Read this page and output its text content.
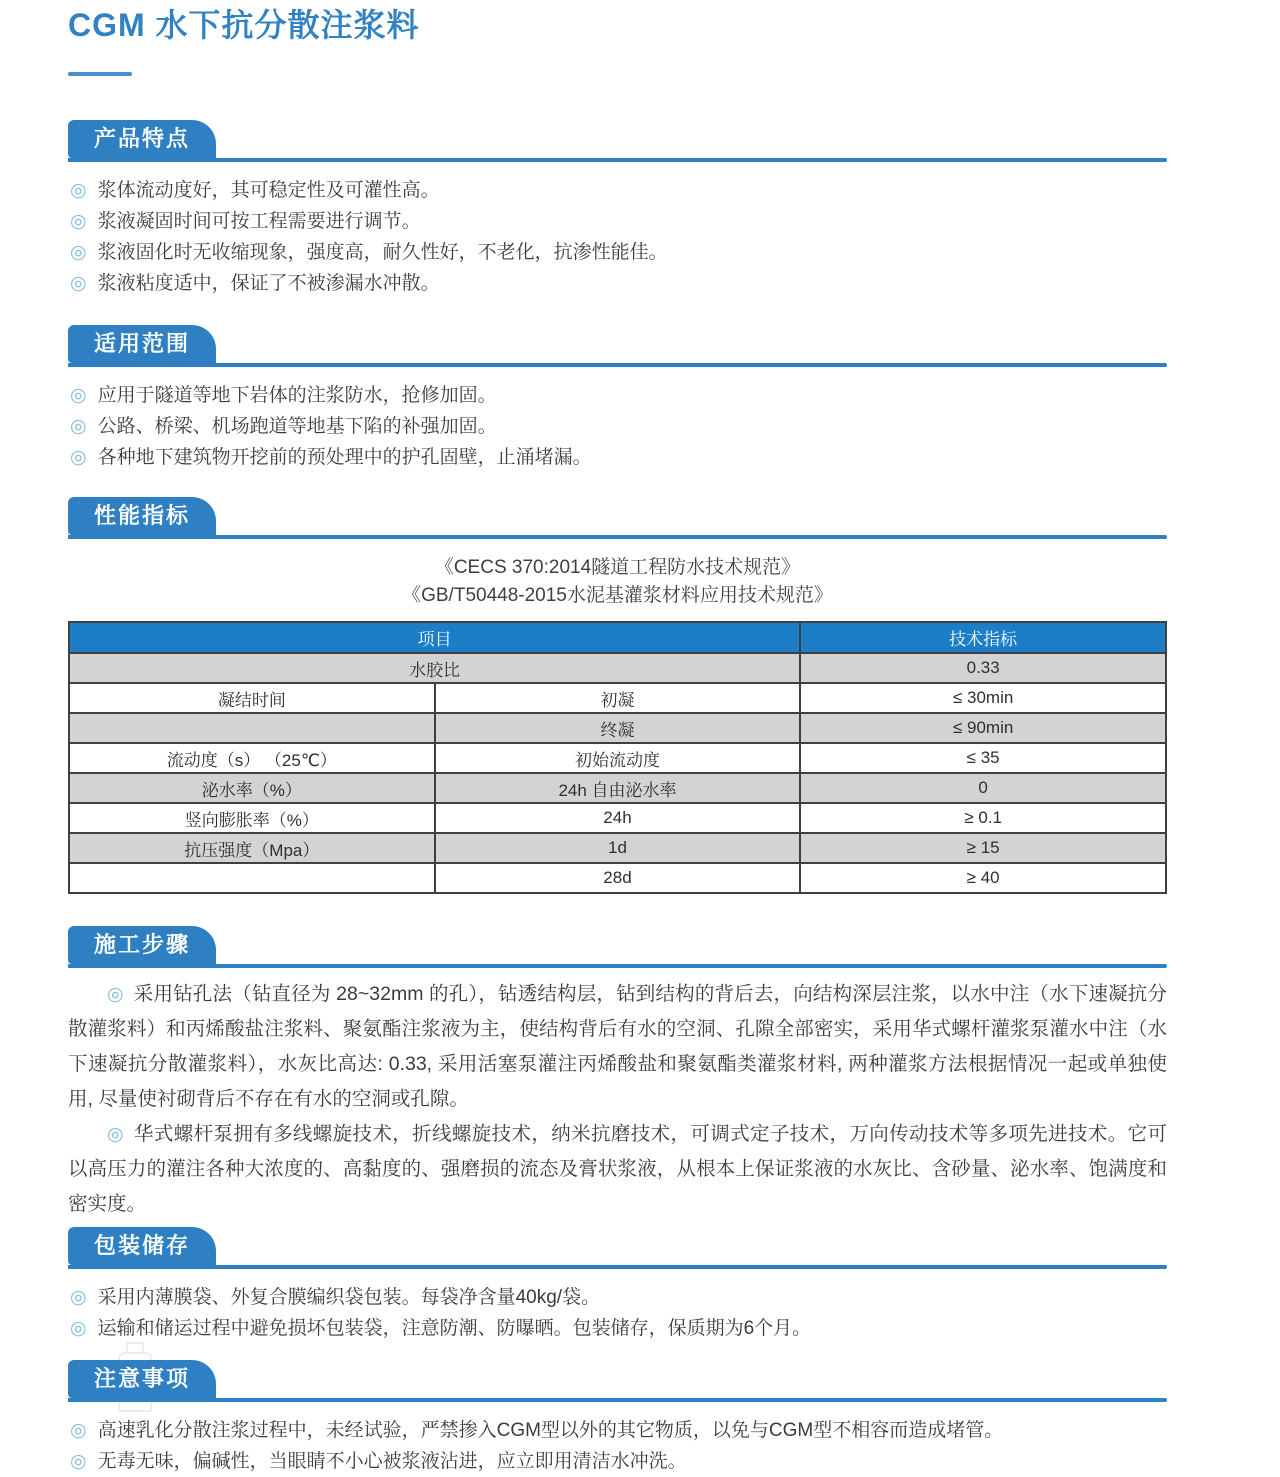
CGM 水下抗分散注浆料
产品特点
◎ 浆体流动度好，其可稳定性及可灌性高。
◎ 浆液凝固时间可按工程需要进行调节。
◎ 浆液固化时无收缩现象，强度高，耐久性好，不老化，抗渗性能佳。
◎ 浆液粘度适中，保证了不被渗漏水冲散。
适用范围
◎ 应用于隧道等地下岩体的注浆防水，抢修加固。
◎ 公路、桥梁、机场跑道等地基下陷的补强加固。
◎ 各种地下建筑物开挖前的预处理中的护孔固壁，止涌堵漏。
性能指标
《CECS 370:2014隧道工程防水技术规范》
《GB/T50448-2015水泥基灌浆材料应用技术规范》
项目		技术指标
水胶比		0.33
凝结时间	初凝	≤ 30min
	终凝	≤ 90min
流动度（s） （25℃）	初始流动度	≤ 35
泌水率（%）	24h 自由泌水率	0
竖向膨胀率（%）	24h	≥ 0.1
抗压强度（Mpa）	1d	≥ 15
	28d	≥ 40
施工步骤

◎ 采用钻孔法（钻直径为 28~32mm 的孔），钻透结构层，钻到结构的背后去，向结构深层注浆，以水中注（水下速凝抗分散灌浆料）和丙烯酸盐注浆料、聚氨酯注浆液为主，使结构背后有水的空洞、孔隙全部密实，采用华式螺杆灌浆泵灌水中注（水下速凝抗分散灌浆料），水灰比高达: 0.33, 采用活塞泵灌注丙烯酸盐和聚氨酯类灌浆材料, 两种灌浆方法根据情况一起或单独使用, 尽量使衬砌背后不存在有水的空洞或孔隙。

◎ 华式螺杆泵拥有多线螺旋技术，折线螺旋技术，纳米抗磨技术，可调式定子技术，万向传动技术等多项先进技术。它可以高压力的灌注各种大浓度的、高黏度的、强磨损的流态及膏状浆液，从根本上保证浆液的水灰比、含砂量、泌水率、饱满度和密实度。

包装储存
◎ 采用内薄膜袋、外复合膜编织袋包装。每袋净含量40kg/袋。
◎ 运输和储运过程中避免损坏包装袋，注意防潮、防曝晒。包装储存，保质期为6个月。
注意事项
◎ 高速乳化分散注浆过程中，未经试验，严禁掺入CGM型以外的其它物质，以免与CGM型不相容而造成堵管。
◎ 无毒无味，偏碱性，当眼睛不小心被浆液沾进，应立即用清洁水冲洗。
